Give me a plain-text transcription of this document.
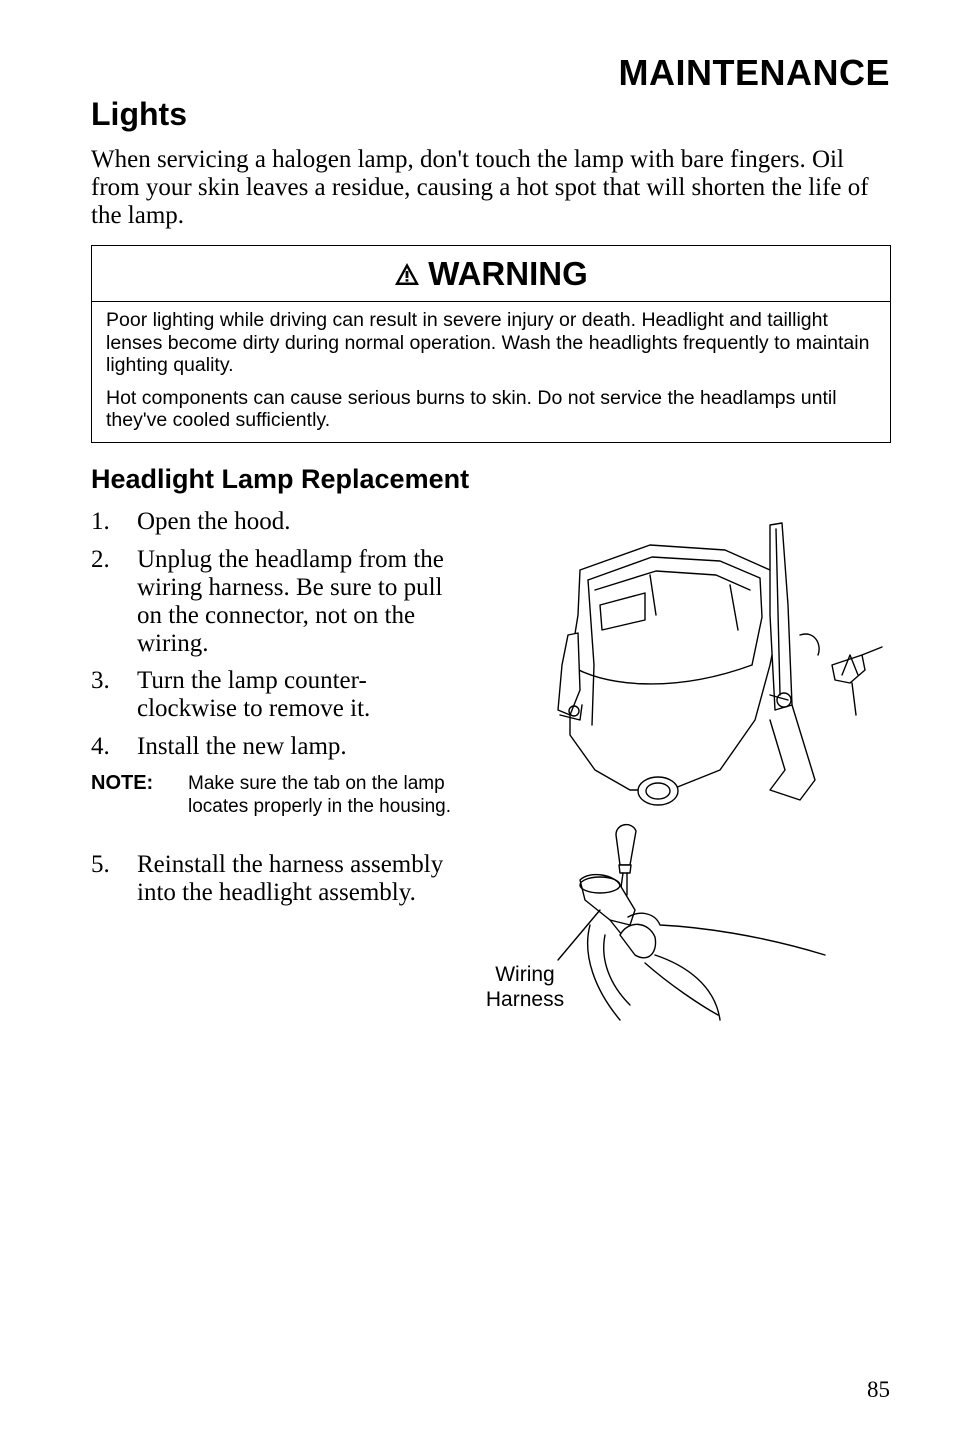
MAINTENANCE
Lights

When servicing a halogen lamp, don't touch the lamp with bare fingers. Oil from your skin leaves a residue, causing a hot spot that will shorten the life of the lamp.

WARNING

Poor lighting while driving can result in severe injury or death. Headlight and taillight lenses become dirty during normal operation. Wash the headlights frequently to maintain lighting quality.

Hot components can cause serious burns to skin. Do not service the headlamps until they've cooled sufficiently.

Headlight Lamp Replacement
1.	Open the hood.
2.	Unplug the headlamp from the wiring harness. Be sure to pull on the connector, not on the wiring.
3.	Turn the lamp counter-clockwise to remove it.
4.	Install the new lamp.
NOTE: Make sure the tab on the lamp locates properly in the housing.
5.	Reinstall the harness assembly into the headlight assembly.
Wiring Harness
85
